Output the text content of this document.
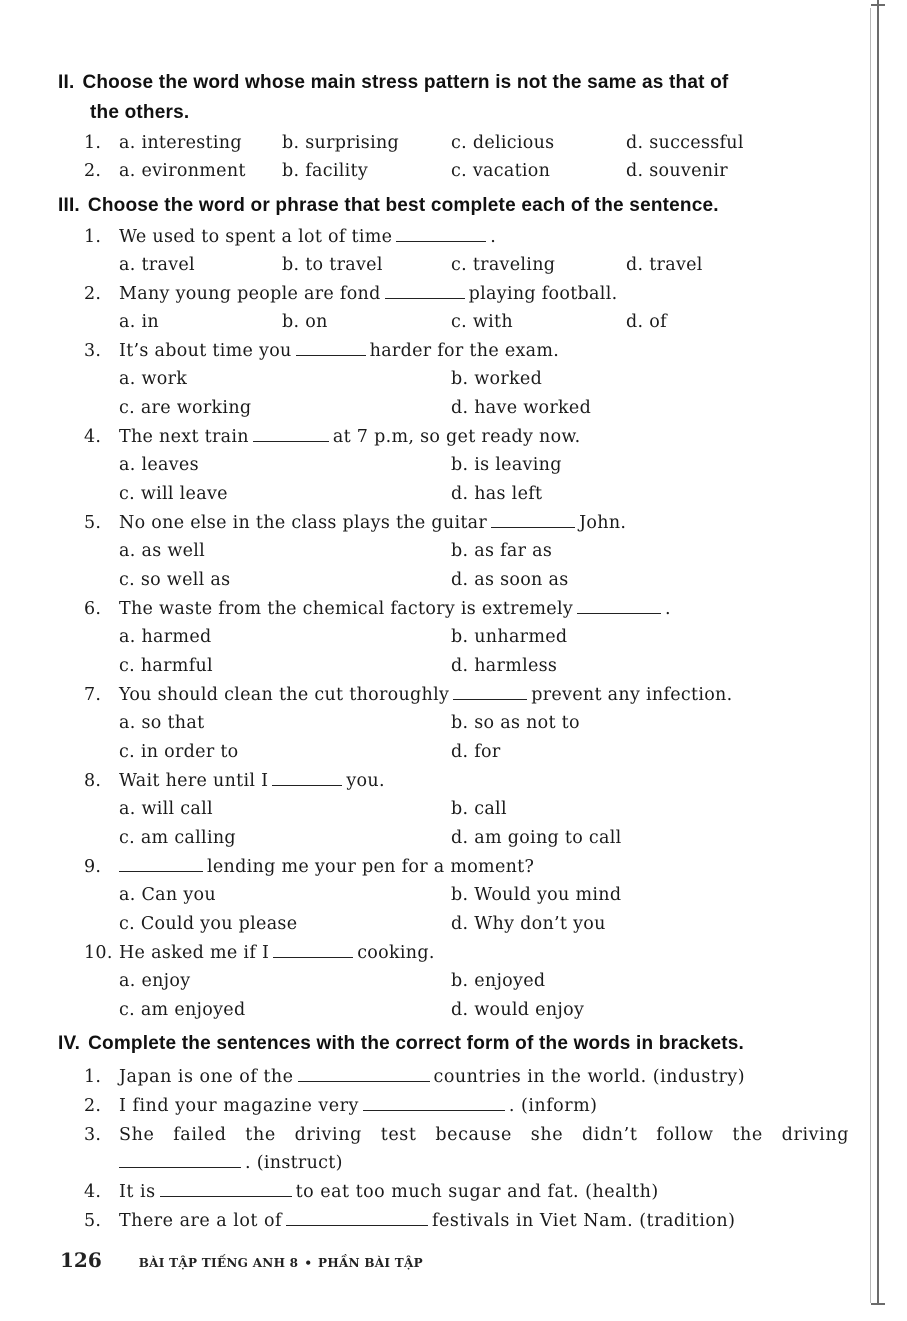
II. Choose the word whose main stress pattern is not the same as that of
the others.
1. a. interesting b. surprising	c. delicious	d. successful
2. a. evironment b. facility	c. vacation	d. souvenir
III. Choose the word or phrase that best complete each of the sentence.
1. We used to spent a lot of time	.
a. travel	b. to travel	c. traveling	d. travel
2. Many young people are fond	playing football.
a. in	b. on	c. with	d. of
3. It’s about time you	harder for the exam.
a. work	b. worked
c. are working	d. have worked
4. The next train	at 7 p.m, so get ready now.
a. leaves	b. is leaving
c. will leave	d. has left
5. No one else in the class plays the guitar	John.
a. as well	b. as far as
c. so well as	d. as soon as
6. The waste from the chemical factory is extremely	.
a. harmed	b. unharmed
c. harmful	d. harmless
7. You should clean the cut thoroughly	prevent any infection.
a. so that	b. so as not to
c. in order to	d. for
8. Wait here until I	you.
a. will call	b. call
c. am calling	d. am going to call
9.	lending me your pen for a moment?
a. Can you	b. Would you mind
c. Could you please	d. Why don’t you
10. He asked me if I	cooking.
a. enjoy	b. enjoyed
c. am enjoyed	d. would enjoy
IV. Complete the sentences with the correct form of the words in brackets.
1. Japan is one of the	countries in the world. (industry)
2. I find your magazine very	. (inform)
3. She failed the driving test because she didn’t follow the driving
. (instruct)
4. It is	to eat too much sugar and fat. (health)
5. There are a lot of	festivals in Viet Nam. (tradition)
126	BÀI TẬP TIẾNG ANH 8 • PHẦN BÀI TẬP
